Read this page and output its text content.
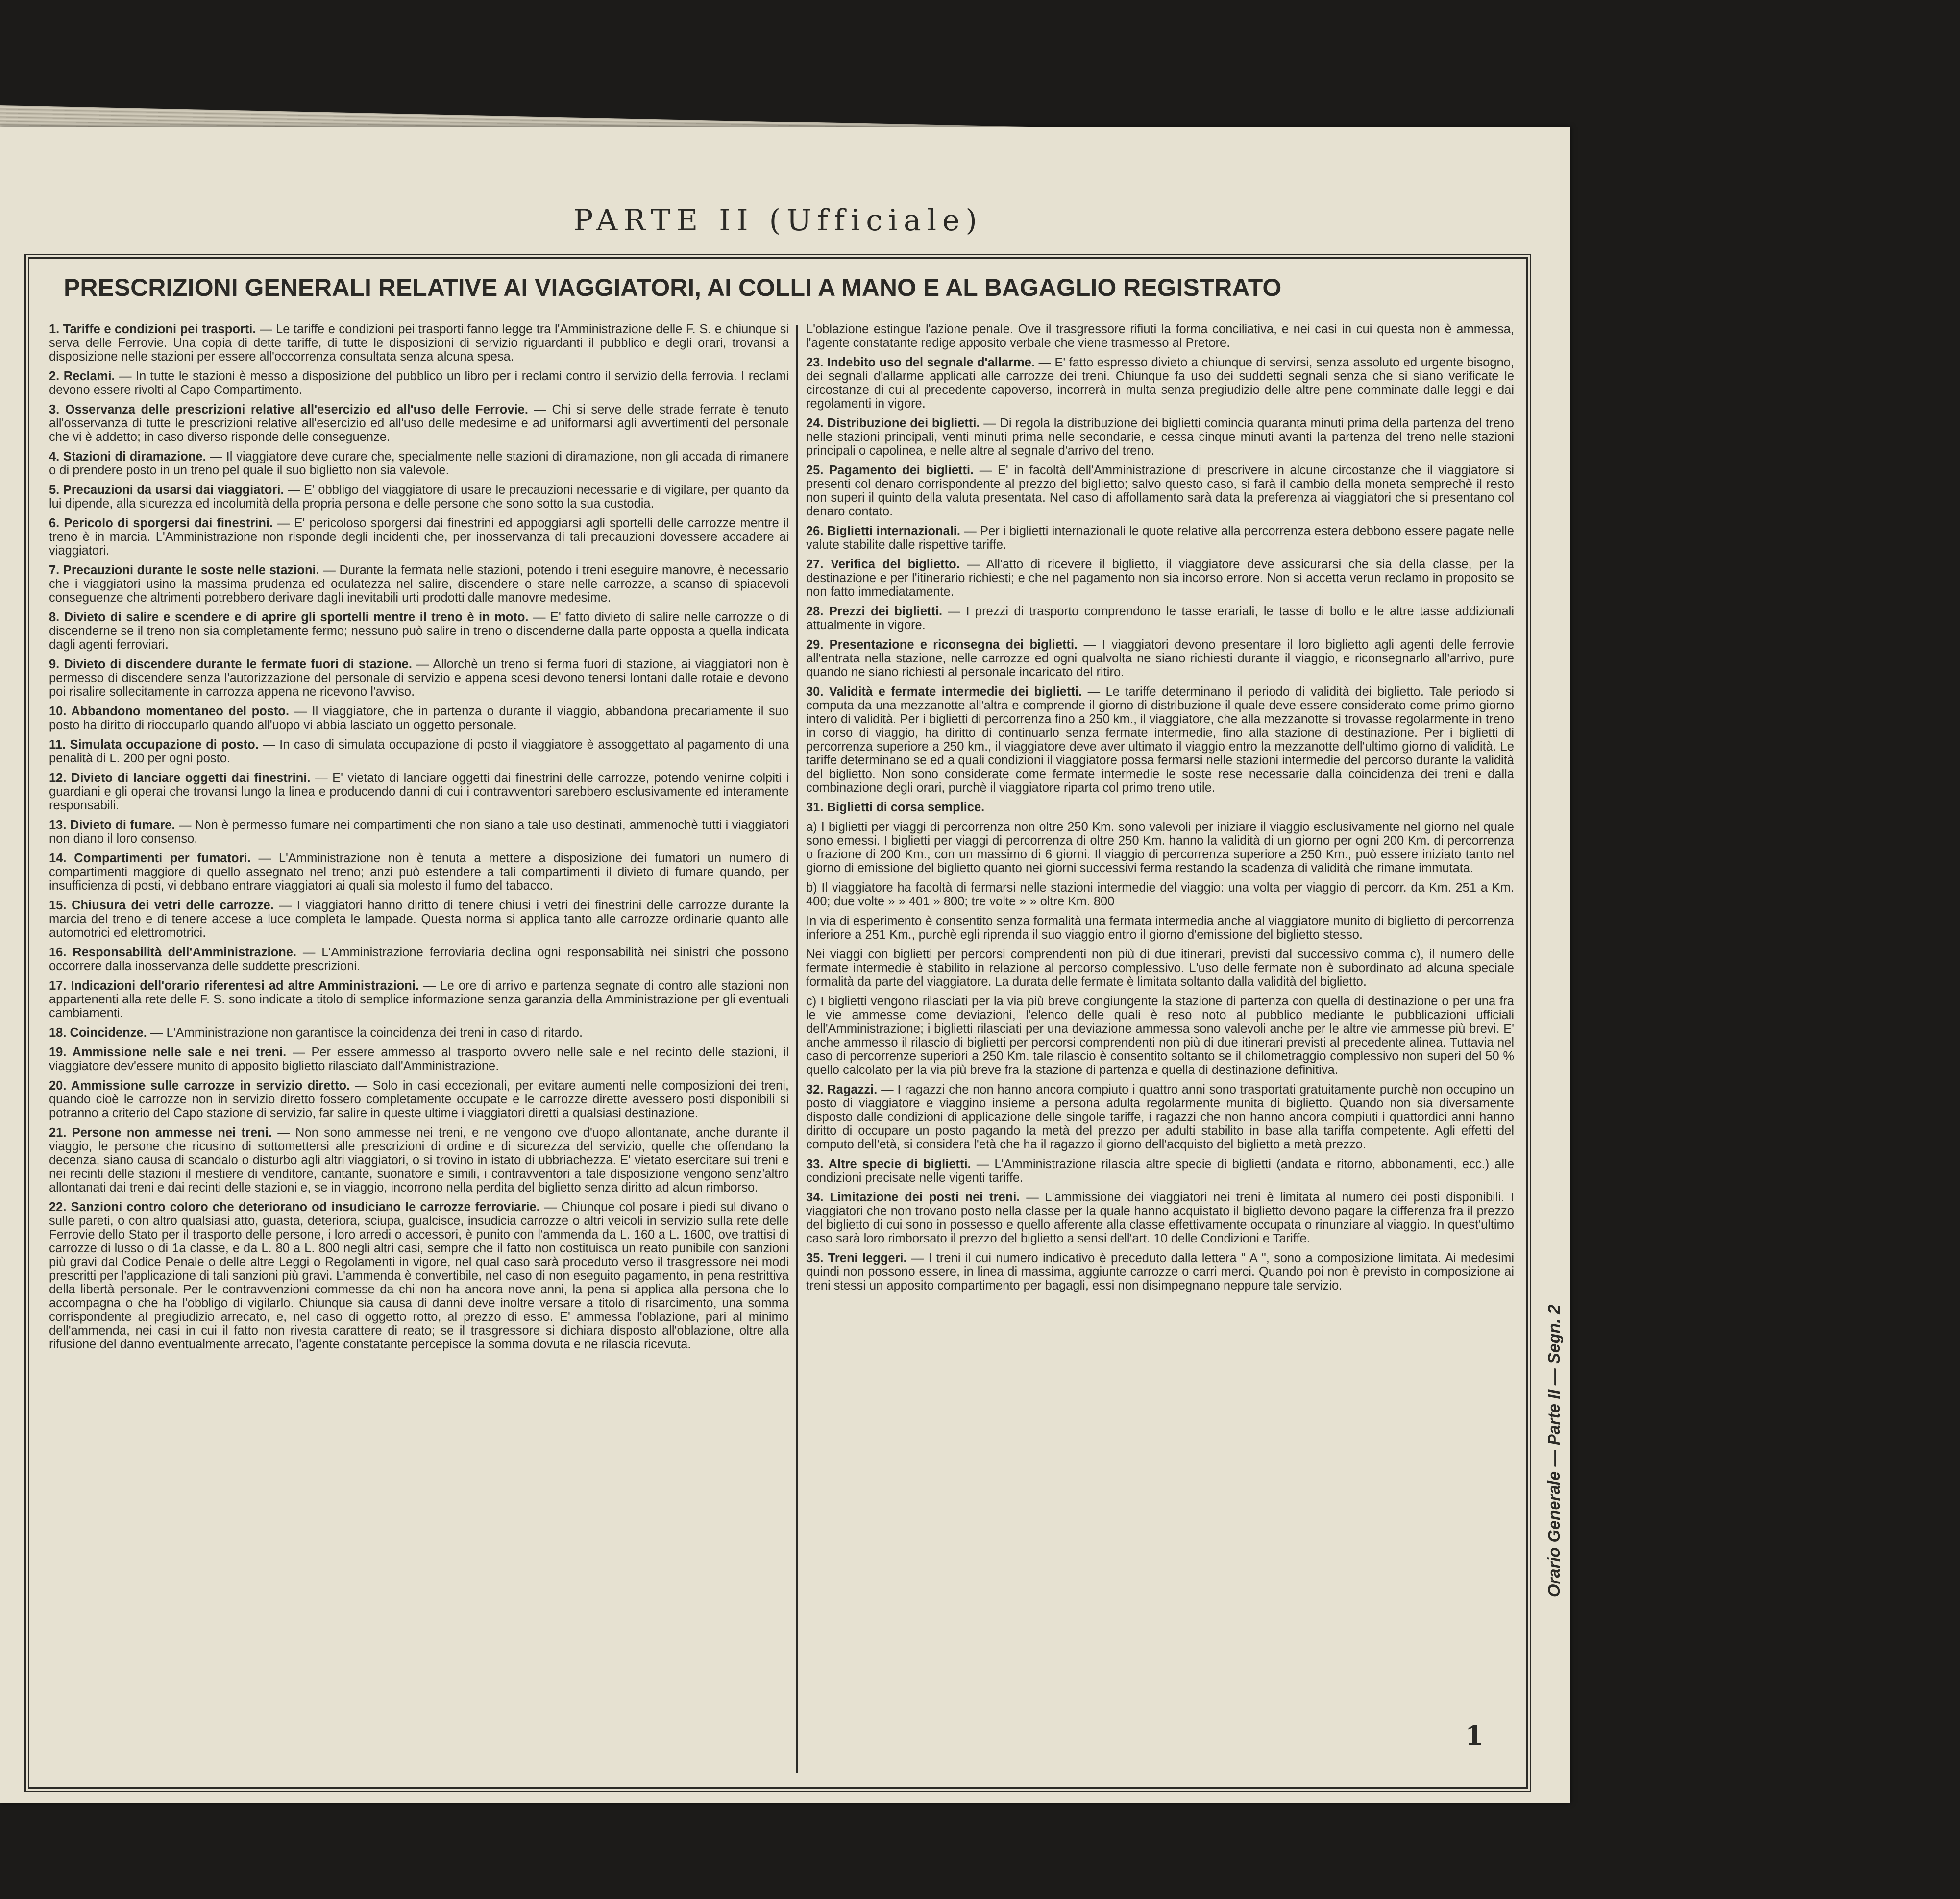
PARTE II (Ufficiale)
PRESCRIZIONI GENERALI RELATIVE AI VIAGGIATORI, AI COLLI A MANO E AL BAGAGLIO REGISTRATO

1. Tariffe e condizioni pei trasporti. — Le tariffe e condizioni pei trasporti fanno legge tra l'Amministrazione delle F. S. e chiunque si serva delle Ferrovie. Una copia di dette tariffe, di tutte le disposizioni di servizio riguardanti il pubblico e degli orari, trovansi a disposizione nelle stazioni per essere all'occorrenza consultata senza alcuna spesa.

2. Reclami. — In tutte le stazioni è messo a disposizione del pubblico un libro per i reclami contro il servizio della ferrovia. I reclami devono essere rivolti al Capo Compartimento.

3. Osservanza delle prescrizioni relative all'esercizio ed all'uso delle Ferrovie. — Chi si serve delle strade ferrate è tenuto all'osservanza di tutte le prescrizioni relative all'esercizio ed all'uso delle medesime e ad uniformarsi agli avvertimenti del personale che vi è addetto; in caso diverso risponde delle conseguenze.

4. Stazioni di diramazione. — Il viaggiatore deve curare che, specialmente nelle stazioni di diramazione, non gli accada di rimanere o di prendere posto in un treno pel quale il suo biglietto non sia valevole.

5. Precauzioni da usarsi dai viaggiatori. — E' obbligo del viaggiatore di usare le precauzioni necessarie e di vigilare, per quanto da lui dipende, alla sicurezza ed incolumità della propria persona e delle persone che sono sotto la sua custodia.

6. Pericolo di sporgersi dai finestrini. — E' pericoloso sporgersi dai finestrini ed appoggiarsi agli sportelli delle carrozze mentre il treno è in marcia. L'Amministrazione non risponde degli incidenti che, per inosservanza di tali precauzioni dovessere accadere ai viaggiatori.

7. Precauzioni durante le soste nelle stazioni. — Durante la fermata nelle stazioni, potendo i treni eseguire manovre, è necessario che i viaggiatori usino la massima prudenza ed oculatezza nel salire, discendere o stare nelle carrozze, a scanso di spiacevoli conseguenze che altrimenti potrebbero derivare dagli inevitabili urti prodotti dalle manovre medesime.

8. Divieto di salire e scendere e di aprire gli sportelli mentre il treno è in moto. — E' fatto divieto di salire nelle carrozze o di discenderne se il treno non sia completamente fermo; nessuno può salire in treno o discenderne dalla parte opposta a quella indicata dagli agenti ferroviari.

9. Divieto di discendere durante le fermate fuori di stazione. — Allorchè un treno si ferma fuori di stazione, ai viaggiatori non è permesso di discendere senza l'autorizzazione del personale di servizio e appena scesi devono tenersi lontani dalle rotaie e devono poi risalire sollecitamente in carrozza appena ne ricevono l'avviso.

10. Abbandono momentaneo del posto. — Il viaggiatore, che in partenza o durante il viaggio, abbandona precariamente il suo posto ha diritto di rioccuparlo quando all'uopo vi abbia lasciato un oggetto personale.

11. Simulata occupazione di posto. — In caso di simulata occupazione di posto il viaggiatore è assoggettato al pagamento di una penalità di L. 200 per ogni posto.

12. Divieto di lanciare oggetti dai finestrini. — E' vietato di lanciare oggetti dai finestrini delle carrozze, potendo venirne colpiti i guardiani e gli operai che trovansi lungo la linea e producendo danni di cui i contravventori sarebbero esclusivamente ed interamente responsabili.

13. Divieto di fumare. — Non è permesso fumare nei compartimenti che non siano a tale uso destinati, ammenochè tutti i viaggiatori non diano il loro consenso.

14. Compartimenti per fumatori. — L'Amministrazione non è tenuta a mettere a disposizione dei fumatori un numero di compartimenti maggiore di quello assegnato nel treno; anzi può estendere a tali compartimenti il divieto di fumare quando, per insufficienza di posti, vi debbano entrare viaggiatori ai quali sia molesto il fumo del tabacco.

15. Chiusura dei vetri delle carrozze. — I viaggiatori hanno diritto di tenere chiusi i vetri dei finestrini delle carrozze durante la marcia del treno e di tenere accese a luce completa le lampade. Questa norma si applica tanto alle carrozze ordinarie quanto alle automotrici ed elettromotrici.

16. Responsabilità dell'Amministrazione. — L'Amministrazione ferroviaria declina ogni responsabilità nei sinistri che possono occorrere dalla inosservanza delle suddette prescrizioni.

17. Indicazioni dell'orario riferentesi ad altre Amministrazioni. — Le ore di arrivo e partenza segnate di contro alle stazioni non appartenenti alla rete delle F. S. sono indicate a titolo di semplice informazione senza garanzia della Amministrazione per gli eventuali cambiamenti.

18. Coincidenze. — L'Amministrazione non garantisce la coincidenza dei treni in caso di ritardo.

19. Ammissione nelle sale e nei treni. — Per essere ammesso al trasporto ovvero nelle sale e nel recinto delle stazioni, il viaggiatore dev'essere munito di apposito biglietto rilasciato dall'Amministrazione.

20. Ammissione sulle carrozze in servizio diretto. — Solo in casi eccezionali, per evitare aumenti nelle composizioni dei treni, quando cioè le carrozze non in servizio diretto fossero completamente occupate e le carrozze dirette avessero posti disponibili si potranno a criterio del Capo stazione di servizio, far salire in queste ultime i viaggiatori diretti a qualsiasi destinazione.

21. Persone non ammesse nei treni. — Non sono ammesse nei treni, e ne vengono ove d'uopo allontanate, anche durante il viaggio, le persone che ricusino di sottomettersi alle prescrizioni di ordine e di sicurezza del servizio, quelle che offendano la decenza, siano causa di scandalo o disturbo agli altri viaggiatori, o si trovino in istato di ubbriachezza. E' vietato esercitare sui treni e nei recinti delle stazioni il mestiere di venditore, cantante, suonatore e simili, i contravventori a tale disposizione vengono senz'altro allontanati dai treni e dai recinti delle stazioni e, se in viaggio, incorrono nella perdita del biglietto senza diritto ad alcun rimborso.

22. Sanzioni contro coloro che deteriorano od insudiciano le carrozze ferroviarie. — Chiunque col posare i piedi sul divano o sulle pareti, o con altro qualsiasi atto, guasta, deteriora, sciupa, gualcisce, insudicia carrozze o altri veicoli in servizio sulla rete delle Ferrovie dello Stato per il trasporto delle persone, i loro arredi o accessori, è punito con l'ammenda da L. 160 a L. 1600, ove trattisi di carrozze di lusso o di 1a classe, e da L. 80 a L. 800 negli altri casi, sempre che il fatto non costituisca un reato punibile con sanzioni più gravi dal Codice Penale o delle altre Leggi o Regolamenti in vigore, nel qual caso sarà proceduto verso il trasgressore nei modi prescritti per l'applicazione di tali sanzioni più gravi. L'ammenda è convertibile, nel caso di non eseguito pagamento, in pena restrittiva della libertà personale. Per le contravvenzioni commesse da chi non ha ancora nove anni, la pena si applica alla persona che lo accompagna o che ha l'obbligo di vigilarlo. Chiunque sia causa di danni deve inoltre versare a titolo di risarcimento, una somma corrispondente al pregiudizio arrecato, e, nel caso di oggetto rotto, al prezzo di esso. E' ammessa l'oblazione, pari al minimo dell'ammenda, nei casi in cui il fatto non rivesta carattere di reato; se il trasgressore si dichiara disposto all'oblazione, oltre alla rifusione del danno eventualmente arrecato, l'agente constatante percepisce la somma dovuta e ne rilascia ricevuta.

L'oblazione estingue l'azione penale. Ove il trasgressore rifiuti la forma conciliativa, e nei casi in cui questa non è ammessa, l'agente constatante redige apposito verbale che viene trasmesso al Pretore.

23. Indebito uso del segnale d'allarme. — E' fatto espresso divieto a chiunque di servirsi, senza assoluto ed urgente bisogno, dei segnali d'allarme applicati alle carrozze dei treni. Chiunque fa uso dei suddetti segnali senza che si siano verificate le circostanze di cui al precedente capoverso, incorrerà in multa senza pregiudizio delle altre pene comminate dalle leggi e dai regolamenti in vigore.

24. Distribuzione dei biglietti. — Di regola la distribuzione dei biglietti comincia quaranta minuti prima della partenza del treno nelle stazioni principali, venti minuti prima nelle secondarie, e cessa cinque minuti avanti la partenza del treno nelle stazioni principali o capolinea, e nelle altre al segnale d'arrivo del treno.

25. Pagamento dei biglietti. — E' in facoltà dell'Amministrazione di prescrivere in alcune circostanze che il viaggiatore si presenti col denaro corrispondente al prezzo del biglietto; salvo questo caso, si farà il cambio della moneta semprechè il resto non superi il quinto della valuta presentata. Nel caso di affollamento sarà data la preferenza ai viaggiatori che si presentano col denaro contato.

26. Biglietti internazionali. — Per i biglietti internazionali le quote relative alla percorrenza estera debbono essere pagate nelle valute stabilite dalle rispettive tariffe.

27. Verifica del biglietto. — All'atto di ricevere il biglietto, il viaggiatore deve assicurarsi che sia della classe, per la destinazione e per l'itinerario richiesti; e che nel pagamento non sia incorso errore. Non si accetta verun reclamo in proposito se non fatto immediatamente.

28. Prezzi dei biglietti. — I prezzi di trasporto comprendono le tasse erariali, le tasse di bollo e le altre tasse addizionali attualmente in vigore.

29. Presentazione e riconsegna dei biglietti. — I viaggiatori devono presentare il loro biglietto agli agenti delle ferrovie all'entrata nella stazione, nelle carrozze ed ogni qualvolta ne siano richiesti durante il viaggio, e riconsegnarlo all'arrivo, pure quando ne siano richiesti al personale incaricato del ritiro.

30. Validità e fermate intermedie dei biglietti. — Le tariffe determinano il periodo di validità dei biglietto. Tale periodo si computa da una mezzanotte all'altra e comprende il giorno di distribuzione il quale deve essere considerato come primo giorno intero di validità. Per i biglietti di percorrenza fino a 250 km., il viaggiatore, che alla mezzanotte si trovasse regolarmente in treno in corso di viaggio, ha diritto di continuarlo senza fermate intermedie, fino alla stazione di destinazione. Per i biglietti di percorrenza superiore a 250 km., il viaggiatore deve aver ultimato il viaggio entro la mezzanotte dell'ultimo giorno di validità. Le tariffe determinano se ed a quali condizioni il viaggiatore possa fermarsi nelle stazioni intermedie del percorso durante la validità del biglietto. Non sono considerate come fermate intermedie le soste rese necessarie dalla coincidenza dei treni e dalla combinazione degli orari, purchè il viaggiatore riparta col primo treno utile.

31. Biglietti di corsa semplice.

a) I biglietti per viaggi di percorrenza non oltre 250 Km. sono valevoli per iniziare il viaggio esclusivamente nel giorno nel quale sono emessi. I biglietti per viaggi di percorrenza di oltre 250 Km. hanno la validità di un giorno per ogni 200 Km. di percorrenza o frazione di 200 Km., con un massimo di 6 giorni. Il viaggio di percorrenza superiore a 250 Km., può essere iniziato tanto nel giorno di emissione del biglietto quanto nei giorni successivi ferma restando la scadenza di validità che rimane immutata.

b) Il viaggiatore ha facoltà di fermarsi nelle stazioni intermedie del viaggio: una volta per viaggio di percorr. da Km. 251 a Km. 400; due volte » » 401 » 800; tre volte » » oltre Km. 800

In via di esperimento è consentito senza formalità una fermata intermedia anche al viaggiatore munito di biglietto di percorrenza inferiore a 251 Km., purchè egli riprenda il suo viaggio entro il giorno d'emissione del biglietto stesso.

Nei viaggi con biglietti per percorsi comprendenti non più di due itinerari, previsti dal successivo comma c), il numero delle fermate intermedie è stabilito in relazione al percorso complessivo. L'uso delle fermate non è subordinato ad alcuna speciale formalità da parte del viaggiatore. La durata delle fermate è limitata soltanto dalla validità del biglietto.

c) I biglietti vengono rilasciati per la via più breve congiungente la stazione di partenza con quella di destinazione o per una fra le vie ammesse come deviazioni, l'elenco delle quali è reso noto al pubblico mediante le pubblicazioni ufficiali dell'Amministrazione; i biglietti rilasciati per una deviazione ammessa sono valevoli anche per le altre vie ammesse più brevi. E' anche ammesso il rilascio di biglietti per percorsi comprendenti non più di due itinerari previsti al precedente alinea. Tuttavia nel caso di percorrenze superiori a 250 Km. tale rilascio è consentito soltanto se il chilometraggio complessivo non superi del 50 % quello calcolato per la via più breve fra la stazione di partenza e quella di destinazione definitiva.

32. Ragazzi. — I ragazzi che non hanno ancora compiuto i quattro anni sono trasportati gratuitamente purchè non occupino un posto di viaggiatore e viaggino insieme a persona adulta regolarmente munita di biglietto. Quando non sia diversamente disposto dalle condizioni di applicazione delle singole tariffe, i ragazzi che non hanno ancora compiuti i quattordici anni hanno diritto di occupare un posto pagando la metà del prezzo per adulti stabilito in base alla tariffa competente. Agli effetti del computo dell'età, si considera l'età che ha il ragazzo il giorno dell'acquisto del biglietto a metà prezzo.

33. Altre specie di biglietti. — L'Amministrazione rilascia altre specie di biglietti (andata e ritorno, abbonamenti, ecc.) alle condizioni precisate nelle vigenti tariffe.

34. Limitazione dei posti nei treni. — L'ammissione dei viaggiatori nei treni è limitata al numero dei posti disponibili. I viaggiatori che non trovano posto nella classe per la quale hanno acquistato il biglietto devono pagare la differenza fra il prezzo del biglietto di cui sono in possesso e quello afferente alla classe effettivamente occupata o rinunziare al viaggio. In quest'ultimo caso sarà loro rimborsato il prezzo del biglietto a sensi dell'art. 10 delle Condizioni e Tariffe.

35. Treni leggeri. — I treni il cui numero indicativo è preceduto dalla lettera " A ", sono a composizione limitata. Ai medesimi quindi non possono essere, in linea di massima, aggiunte carrozze o carri merci. Quando poi non è previsto in composizione ai treni stessi un apposito compartimento per bagagli, essi non disimpegnano neppure tale servizio.

Orario Generale — Parte II — Segn. 2
1
